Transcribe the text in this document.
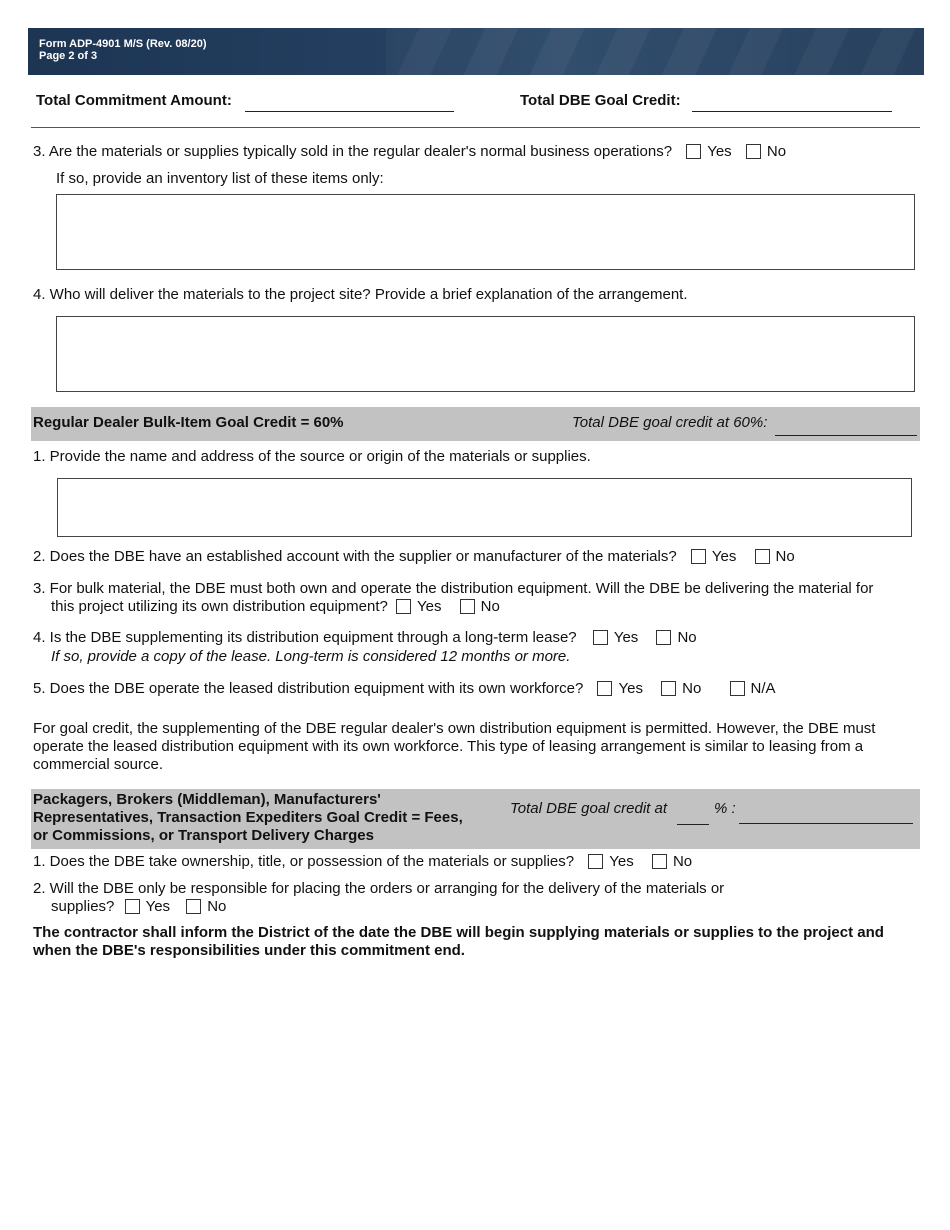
Form ADP-4901 M/S (Rev. 08/20)
Page 2 of 3
Total Commitment Amount:	Total DBE Goal Credit:
3. Are the materials or supplies typically sold in the regular dealer's normal business operations? Yes No
If so, provide an inventory list of these items only:
4. Who will deliver the materials to the project site? Provide a brief explanation of the arrangement.
Regular Dealer Bulk-Item Goal Credit = 60%	Total DBE goal credit at 60%:
1. Provide the name and address of the source or origin of the materials or supplies.
2. Does the DBE have an established account with the supplier or manufacturer of the materials? Yes	No
3. For bulk material, the DBE must both own and operate the distribution equipment. Will the DBE be delivering the material for
this project utilizing its own distribution equipment? Yes	No
4. Is the DBE supplementing its distribution equipment through a long-term lease? Yes	No
If so, provide a copy of the lease. Long-term is considered 12 months or more.
5. Does the DBE operate the leased distribution equipment with its own workforce? Yes	No	N/A
For goal credit, the supplementing of the DBE regular dealer's own distribution equipment is permitted. However, the DBE must operate the leased distribution equipment with its own workforce. This type of leasing arrangement is similar to leasing from a commercial source.
Packagers, Brokers (Middleman), Manufacturers'
Representatives, Transaction Expediters Goal Credit = Fees,
or Commissions, or Transport Delivery Charges
Total DBE goal credit at	% :
1. Does the DBE take ownership, title, or possession of the materials or supplies? Yes	No
2. Will the DBE only be responsible for placing the orders or arranging for the delivery of the materials or
supplies? Yes No
The contractor shall inform the District of the date the DBE will begin supplying materials or supplies to the project and when the DBE's responsibilities under this commitment end.
